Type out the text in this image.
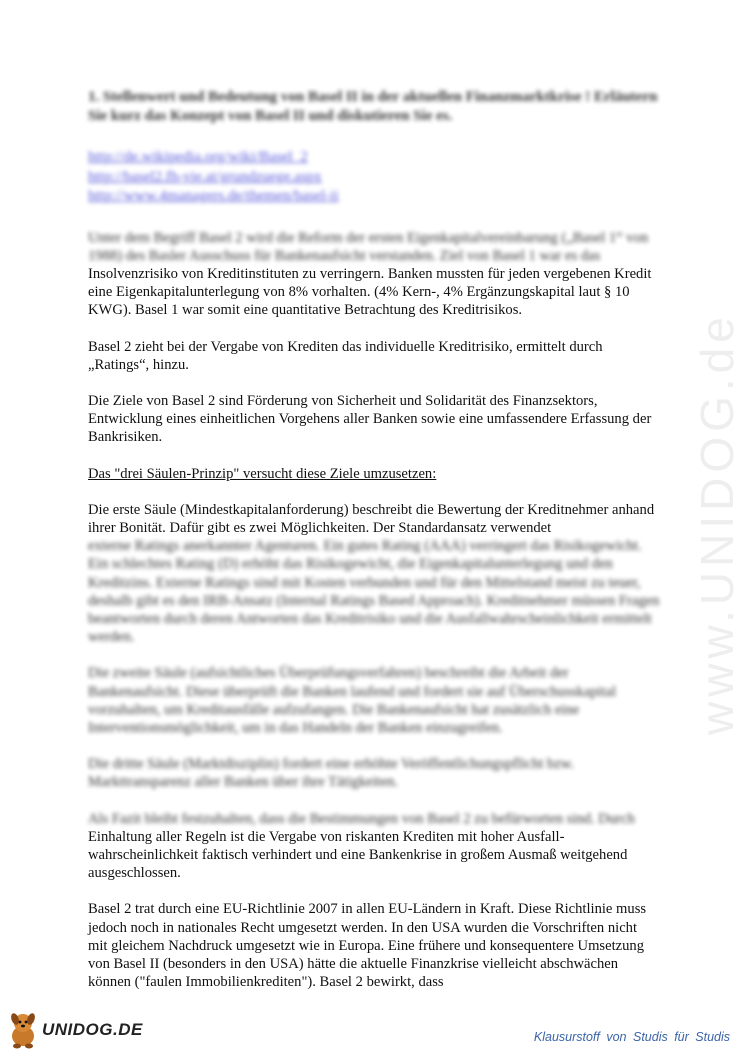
www.UNIDOG.de
1. Stellenwert und Bedeutung von Basel II in der aktuellen Finanzmarktkrise ! Erläutern Sie kurz das Konzept von Basel II und diskutieren Sie es.
http://de.wikipedia.org/wiki/Basel_2
http://basel2.fh-vie.at/grundzuege.aspx
http://www.4managers.de/themen/basel-ii

Unter dem Begriff Basel 2 wird die Reform der ersten Eigenkapitalvereinbarung („Basel 1“ von 1988) des Basler Ausschuss für Bankenaufsicht verstanden. Ziel von Basel 1 war es das Insolvenzrisiko von Kreditinstituten zu verringern. Banken mussten für jeden vergebenen Kredit eine Eigenkapitalunterlegung von 8% vorhalten. (4% Kern-, 4% Ergänzungskapital laut § 10 KWG). Basel 1 war somit eine quantitative Betrachtung des Kreditrisikos.

Basel 2 zieht bei der Vergabe von Krediten das individuelle Kreditrisiko, ermittelt durch „Ratings“, hinzu.

Die Ziele von Basel 2 sind Förderung von Sicherheit und Solidarität des Finanzsektors, Entwicklung eines einheitlichen Vorgehens aller Banken sowie eine umfassendere Erfassung der Bankrisiken.

Das "drei Säulen-Prinzip" versucht diese Ziele umzusetzen:

Die erste Säule (Mindestkapitalanforderung) beschreibt die Bewertung der Kreditnehmer anhand ihrer Bonität. Dafür gibt es zwei Möglichkeiten. Der Standardansatz verwendet externe Ratings anerkannter Agenturen. Ein gutes Rating (AAA) verringert das Risikogewicht. Ein schlechtes Rating (D) erhöht das Risikogewicht, die Eigenkapitalunterlegung und den Kreditzins. Externe Ratings sind mit Kosten verbunden und für den Mittelstand meist zu teuer, deshalb gibt es den IRB-Ansatz (Internal Ratings Based Approach). Kreditnehmer müssen Fragen beantworten durch deren Antworten das Kreditrisiko und die Ausfallwahrscheinlichkeit ermittelt werden.

Die zweite Säule (aufsichtliches Überprüfungsverfahren) beschreibt die Arbeit der Bankenaufsicht. Diese überprüft die Banken laufend und fordert sie auf Überschusskapital vorzuhalten, um Kreditausfälle aufzufangen. Die Bankenaufsicht hat zusätzlich eine Interventionsmöglichkeit, um in das Handeln der Banken einzugreifen.

Die dritte Säule (Marktdisziplin) fordert eine erhöhte Veröffentlichungspflicht bzw. Markttransparenz aller Banken über ihre Tätigkeiten.

Als Fazit bleibt festzuhalten, dass die Bestimmungen von Basel 2 zu befürworten sind. Durch Einhaltung aller Regeln ist die Vergabe von riskanten Krediten mit hoher Ausfall-wahrscheinlichkeit faktisch verhindert und eine Bankenkrise in großem Ausmaß weitgehend ausgeschlossen.

Basel 2 trat durch eine EU-Richtlinie 2007 in allen EU-Ländern in Kraft. Diese Richtlinie muss jedoch noch in nationales Recht umgesetzt werden. In den USA wurden die Vorschriften nicht mit gleichem Nachdruck umgesetzt wie in Europa. Eine frühere und konsequentere Umsetzung von Basel II (besonders in den USA) hätte die aktuelle Finanzkrise vielleicht abschwächen können ("faulen Immobilienkrediten"). Basel 2 bewirkt, dass

UNIDOG.DE	Klausurstoff von Studis für Studis
